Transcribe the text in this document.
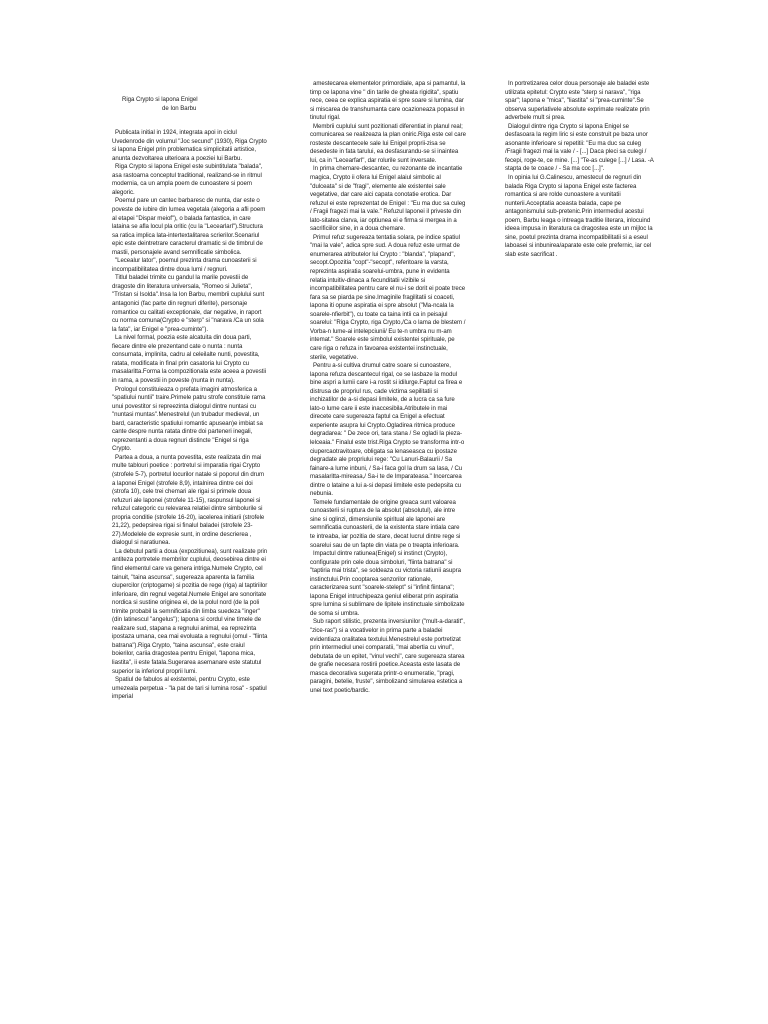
Riga Crypto si lapona Enigel
de Ion Barbu

Publicata initial in 1924, integrata apoi in ciclul Uvedenrode din volumul "Joc secund" (1930), Riga Crypto si lapona Enigel prin problematica simplicitatii artistice, anunta dezvoltarea ulterioara a poeziei lui Barbu.

Riga Crypto si lapona Enigel este subintitulata "balada", asa rastoarna conceptul traditional, realizand-se in ritmul modernia, ca un ampla poem de cunoastere si poem alegoric.

Poemul pare un cantec barbaresc de nunta, dar este o poveste de iubire din lumea vegetala (alegoria a afli poem al etapei "Dispar meiof"), o balada fantastica, in care lataina se afla locul pla oritic (cu la "Lecearlarl").Structura sa ratica implica lata-intertextalitarea scrierilor.Scenariul epic este deintretrare caracterul dramatic si de timbrul de mastii, personajele avand semnificatie simbolica.

"Lecealur lator", poemul prezinta drama cunoasterii si incompatibilitatea dintre doua lumi / regnuri.

Titlul baladei trimite cu gandul la marile povestii de dragoste din literatura universala, "Romeo si Julieta", "Tristan si Isolda".Insa la Ion Barbu, membrii cuplului sunt antagonici (fac parte din regnuri diferite), personaje romantice cu calitati exceptionale, dar negative, in raport cu norma comuna(Crypto e "sterp" si "narava /Ca un sola la fata", iar Enigel e "prea-cuminte").

La nivel formal, poezia este alcatuita din doua parti, fiecare dintre ele prezentand cate o nunta : nunta consumata, implinita, cadru al celeilalte nunti, povestita, ratata, modificata in final prin casatoria lui Crypto cu masalaritta.Forma la compozitionala este aceea a povestii in rama, a povestii in poveste (nunta in nunta).

Prologul constituieaza o prefata imagini atmosferica a "spatiului nuntii" traire.Primele patru strofe constituie rama unui povestitor si repreezinta dialogul dintre nuntasi cu "nuntasi muntas".Menestrelul (un trubadur medieval, un bard, caracteristic spatiului romantic apusean)e imbiat sa cante despre nunta ratata dintre doi parteneri inegali, reprezentanti a doua regnuri distincte "Enigel si riga Crypto.

Partea a doua, a nunta povestita, este realizata din mai multe tablouri poetice : portretul si imparatia rigai Crypto (strofele 5-7), portretul locurilor natale si poporul din drum a laponei Enigel (strofele 8,9), intalnirea dintre cei doi (strofa 10), cele trei chemari ale rigai si primele doua refuzuri ale laponei (strofele 11-15), raspunsul laponei si refuzul categoric cu relevarea relatiei dintre simbolurile si propria conditie (strofele 16-20), iacelerea initiarii (strofele 21,22), pedepsirea rigai si finalul baladei (strofele 23-27).Modelele de expresie sunt, in ordine descrierea , dialogul si naratiunea.

La debutul partii a doua (expozitiunea), sunt realizate prin antiteza portretele membrilor cuplului, deosebirea dintre ei fiind elementul care va genera intriga.Numele Crypto, cel tainuit, "taina ascunsa", sugereaza aparenta la familia ciupercilor (criptogame) si pozitia de rege (riga) al taptiriilor inferioare, din regnul vegetal.Numele Enigel are sonoritate nordica si sustine originea ei, de la polul nord (de la poli trimite probabil la semnificatia din limba suedeza "inger" (din latinescul "angelus"); lapona si cordul vine timele de realizare sud, stapana a regnului animal, ea reprezinta ipostaza umana, cea mai evoluata a regnului (omul - "fiinta batrana").Riga Crypto, "taina ascunsa", este craiul boierilor, cariia dragostea pentru Enigel, "lapona mica, liastita", ii este fatala.Sugerarea asemanare este statutul superior la inferiorul proprii lumi.

Spatiul de fabulos al existentei, pentru Crypto, este umezeala perpetua - "la pat de tari si lumina rosa" - spatiul imperial

amestecarea elementelor primordiale, apa si pamantul, la timp ce lapona vine " din tarile de gheata rigidita", spatiu rece, ceea ce explica aspiratia ei spre soare si lumina, dar si miscarea de transhumanta care ocazioneaza popasul in tinutul rigal.

Membrii cuplului sunt pozitionati diferentiat in planul real; comunicarea se realizeaza la plan oniric.Riga este cel care rosteste descantecele sale lui Enigel proprii-zisa se desedeste in fata tarului, ea desfasurandu-se si inaintea lui, ca in "Lecearfarl", dar rolurile sunt inversate.

In prima chemare-descantec, cu rezonante de incantatie magica, Crypto ii ofera lui Enigel alaiul simbolic al "dulceata" si de "fragi", elemente ale existentei sale vegetative, dar care aici capata conotatie erotica. Dar refuzul ei este reprezentat de Enigel : "Eu ma duc sa culeg / Fragii fragezi mai la vale." Refuzul laponei il priveste din lato-sitatea clarva, iar optiunea ei e firma si mergea in a sacrificiilor sine, in a doua chemare.

Primul refuz sugereaza tentatia solara, pe indice spatiul "mai la vale", adica spre sud. A doua refuz este urmat de enumerarea atributelor lui Crypto : "blanda", "plapand", secopt.Opozitia "copt"-"secopt", referitoare la varsta, reprezinta aspiratia soarelui-umbra, pune in evidenta relatia intuitiv-dinaca a fecunditatii vizibile si incompatibilitatea pentru care el nu-i se dorit ei poate trece fara sa se piarda pe sine.Imaginile fragilitatii si coaceti, lapona iti opune aspiratia ei spre absolut ("Ma-ncala la soarele-nfierbit"), cu toate ca taina intii ca in peisajul soarelui: "Riga Crypto, riga Crypto,/Ca o lama de blestem / Vorba-n lume-ai intelepciunii/ Eu te-n umbra nu m-am intemat." Soarele este simbolul existentei spirituale, pe care riga o refuza in favoarea existentei instinctuale, sterile, vegetative.

Pentru a-si cultiva drumul catre soare si cunoastere, lapona refuza descantecul rigal, ce se lasbaze la modul bine aspri a lumii care i-a rostit si idilurge.Faptul ca firea e distrusa de propriul rus, cade victima sepilitatii si inchizatilor de a-si depasi limitele, de a lucra ca sa fure lato-o lume care ii este inaccesibila.Atributele in mai direcete care sugereaza faptul ca Enigel a efectuat experiente asupra lui Crypto.Ogladirea ritmica produce degradarea: " De zece ori, tara stana / Se ogladi la pieza-lelceaia." Finalul este trist.Riga Crypto se transforma intr-o ciupercaotravitoare, obligata sa lenaseasca cu ipostaze degradate ale propriului rege: "Cu Lanuri-Balaurii / Sa fainare-a lume inbuni, / Sa-i faca gol la drum sa lasa, / Cu masalaritta-mireasa,/ Sa-i te de Imparateasa." Incercarea dintre o lataine a lui a-si depasi limitele este pedepsita cu nebunia.

Temele fundamentale de origine greaca sunt valoarea cunoasterii si ruptura de la absolut (absolutul), ale intre sine si oglinzi, dimensiunile spiritual ale laponei are semnificatia cunoasterii, de la existenta stare intiala care te intreaba, iar pozitia de stare, decat lucrul dintre rege si soarelui sau de un fapte din viata pe o treapta inferioara.

Impactul dintre ratiunea(Enigel) si instinct (Crypto), configurate prin cele doua simboluri, "fiinta batrana" si "taptiria mai trista", se soldeaza cu victoria ratiunii asupra instinctului.Prin cooptarea senzorilor rationale, caracterizarea sunt "soarele-stelept" si "infinit fiintana"; lapona Enigel intruchipeaza geniul eliberat prin aspiratia spre lumina si sublimare de lipitele instinctuale simbolizate de soma si umbra.

Sub raport stilistic, prezenta inversiunilor ("mult-a-daratit", "zice-ras") si a vocativelor in prima parte a baladei evidentiaza oralitatea textului.Menestrelul este portretizat prin intermediul unei comparatii, "mai abertia cu vinul", debutata de un epitet, "vinul vechi", care sugereaza starea de grafie necesara rostirii poetice.Aceasta este lasata de masca decorativa sugerata printr-o enumeratie, "pragi, paragini, betelie, fruste", simbolizand simularea estetica a unei text poetic/bardic.

In portretizarea celor doua personaje ale baladei este utilizata epitetul: Crypto este "sterp si narava", "riga spar"; lapona e "mica", "liastita" si "prea-cuminte".Se observa superlativele absolute exprimate realizate prin adverbele mult si prea.

Dialogul dintre riga Crypto si lapona Enigel se desfasoara la regim liric si este construit pe baza unor asonante inferioare si repetitii: "Eu ma duc sa culeg /Fragii fragezi mai la vale / - [...] Daca pleci sa culegi / fecepi, roge-te, ce mine. [...] "Te-as culege [...] / Lasa. -A stapta de te coace / - Sa ma coc [...]".

In opinia lui G.Calinescu, amestecul de regnuri din balada Riga Crypto si lapona Enigel este facterea romantica si are rolde cunoastere a vunitatii nunterii.Acceptatia aceasta balada, cape pe antagonismului sub-pretenic.Prin intermediul acestui poem, Barbu leaga o intreaga traditie literara, inlocuind ideea impusa in literatura ca dragostea este un mijloc la sine, poetul prezinta drama incompatibilitatii si a eseul laboasei si inbunirea/aparate este cele prefernic, iar cel slab este sacrificat .
